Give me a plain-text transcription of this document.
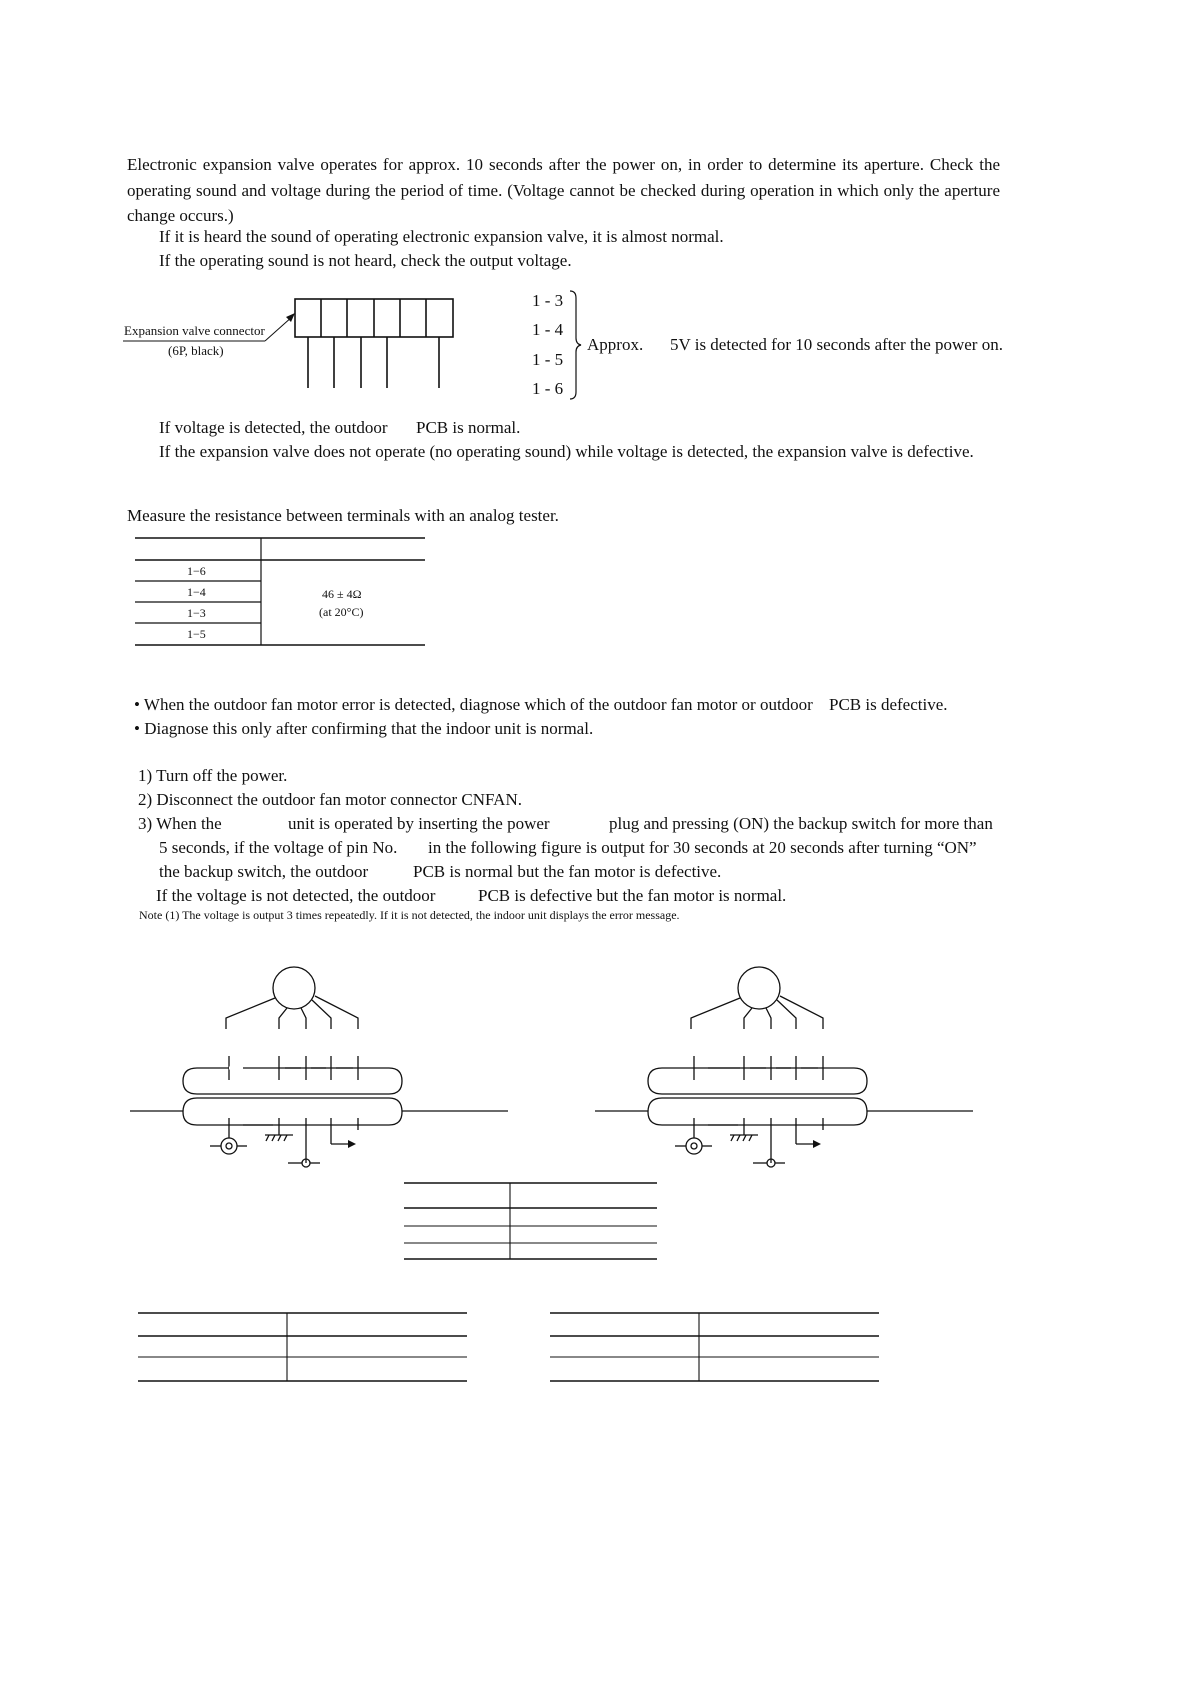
Electronic expansion valve operates for approx. 10 seconds after the power on, in order to determine its aperture. Check the operating sound and voltage during the period of time. (Voltage cannot be checked during operation in which only the aperture change occurs.)
If it is heard the sound of operating electronic expansion valve, it is almost normal.
If the operating sound is not heard, check the output voltage.
Expansion valve connector
(6P, black)
1 - 3
1 - 4
1 - 5
1 - 6
Approx. 5V is detected for 10 seconds after the power on.
If voltage is detected, the outdoor PCB is normal.
If the expansion valve does not operate (no operating sound) while voltage is detected, the expansion valve is defective.
Measure the resistance between terminals with an analog tester.
1−6
1−4
1−3
1−5
46 ± 4Ω
(at 20°C)
• When the outdoor fan motor error is detected, diagnose which of the outdoor fan motor or outdoor PCB is defective.
• Diagnose this only after confirming that the indoor unit is normal.
1) Turn off the power.
2) Disconnect the outdoor fan motor connector CNFAN.
3) When the	unit is operated by inserting the power	plug and pressing (ON) the backup switch for more than
5 seconds, if the voltage of pin No. in the following figure is output for 30 seconds at 20 seconds after turning “ON”
the backup switch, the outdoor	PCB is normal but the fan motor is defective.
If the voltage is not detected, the outdoor	PCB is defective but the fan motor is normal.
Note (1) The voltage is output 3 times repeatedly. If it is not detected, the indoor unit displays the error message.
